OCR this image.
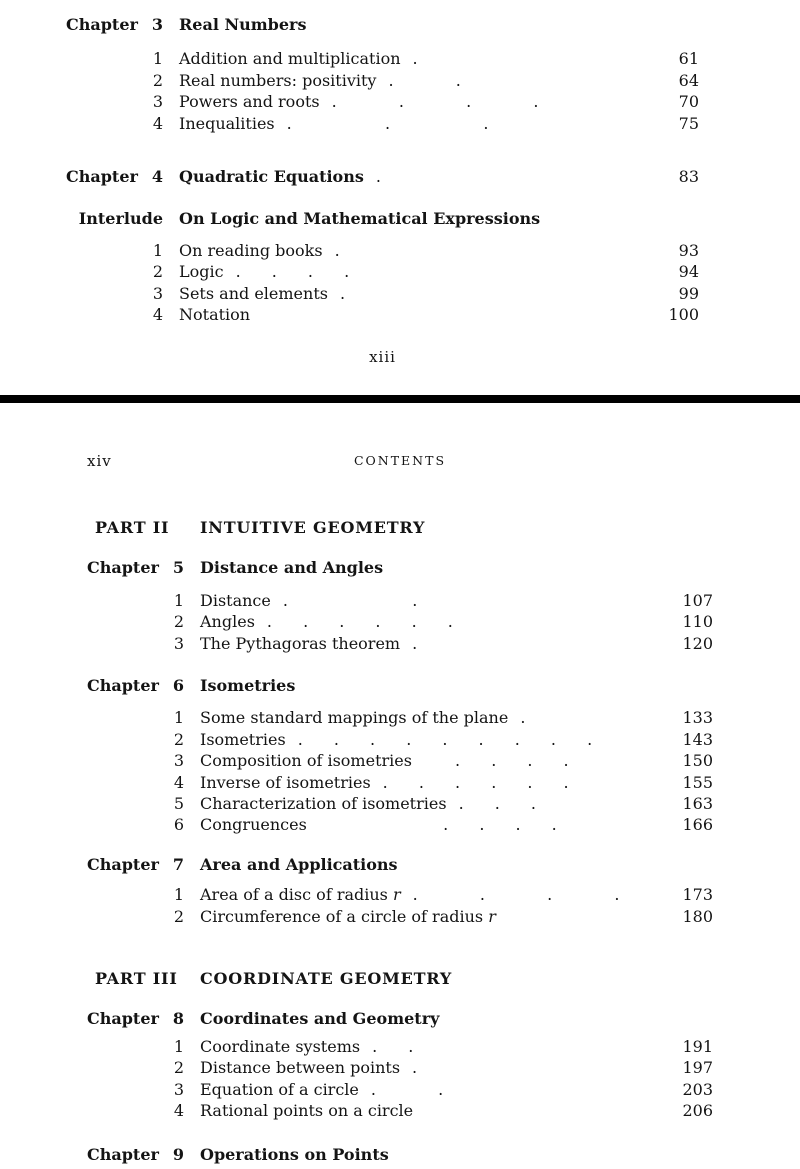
Chapter 3 Real Numbers
1 Addition and multiplication .	61
2 Real numbers: positivity .  .	64
3 Powers and roots .  .  .  .	70
4 Inequalities .   .   .	75
Chapter 4 Quadratic Equations .	83
Interlude On Logic and Mathematical Expressions
1 On reading books .	93
2 Logic . . . .	94
3 Sets and elements .	99
4 Notation	100
xiii
xiv	CONTENTS
PART II	INTUITIVE GEOMETRY
Chapter 5 Distance and Angles
1 Distance .    .	107
2 Angles . . . . . .	110
3 The Pythagoras theorem .	120
Chapter 6 Isometries
1 Some standard mappings of the plane .	133
2 Isometries . . . . . . . . .	143
3 Composition of isometries . . . .	150
4 Inverse of isometries . . . . . .	155
5 Characterization of isometries . . .	163
6 Congruences . . . .	166
Chapter 7 Area and Applications
1 Area of a disc of radius r .  .  .  .	173
2 Circumference of a circle of radius r	180
PART III	COORDINATE GEOMETRY
Chapter 8 Coordinates and Geometry
1 Coordinate systems . .	191
2 Distance between points .	197
3 Equation of a circle .  .	203
4 Rational points on a circle	206
Chapter 9 Operations on Points
